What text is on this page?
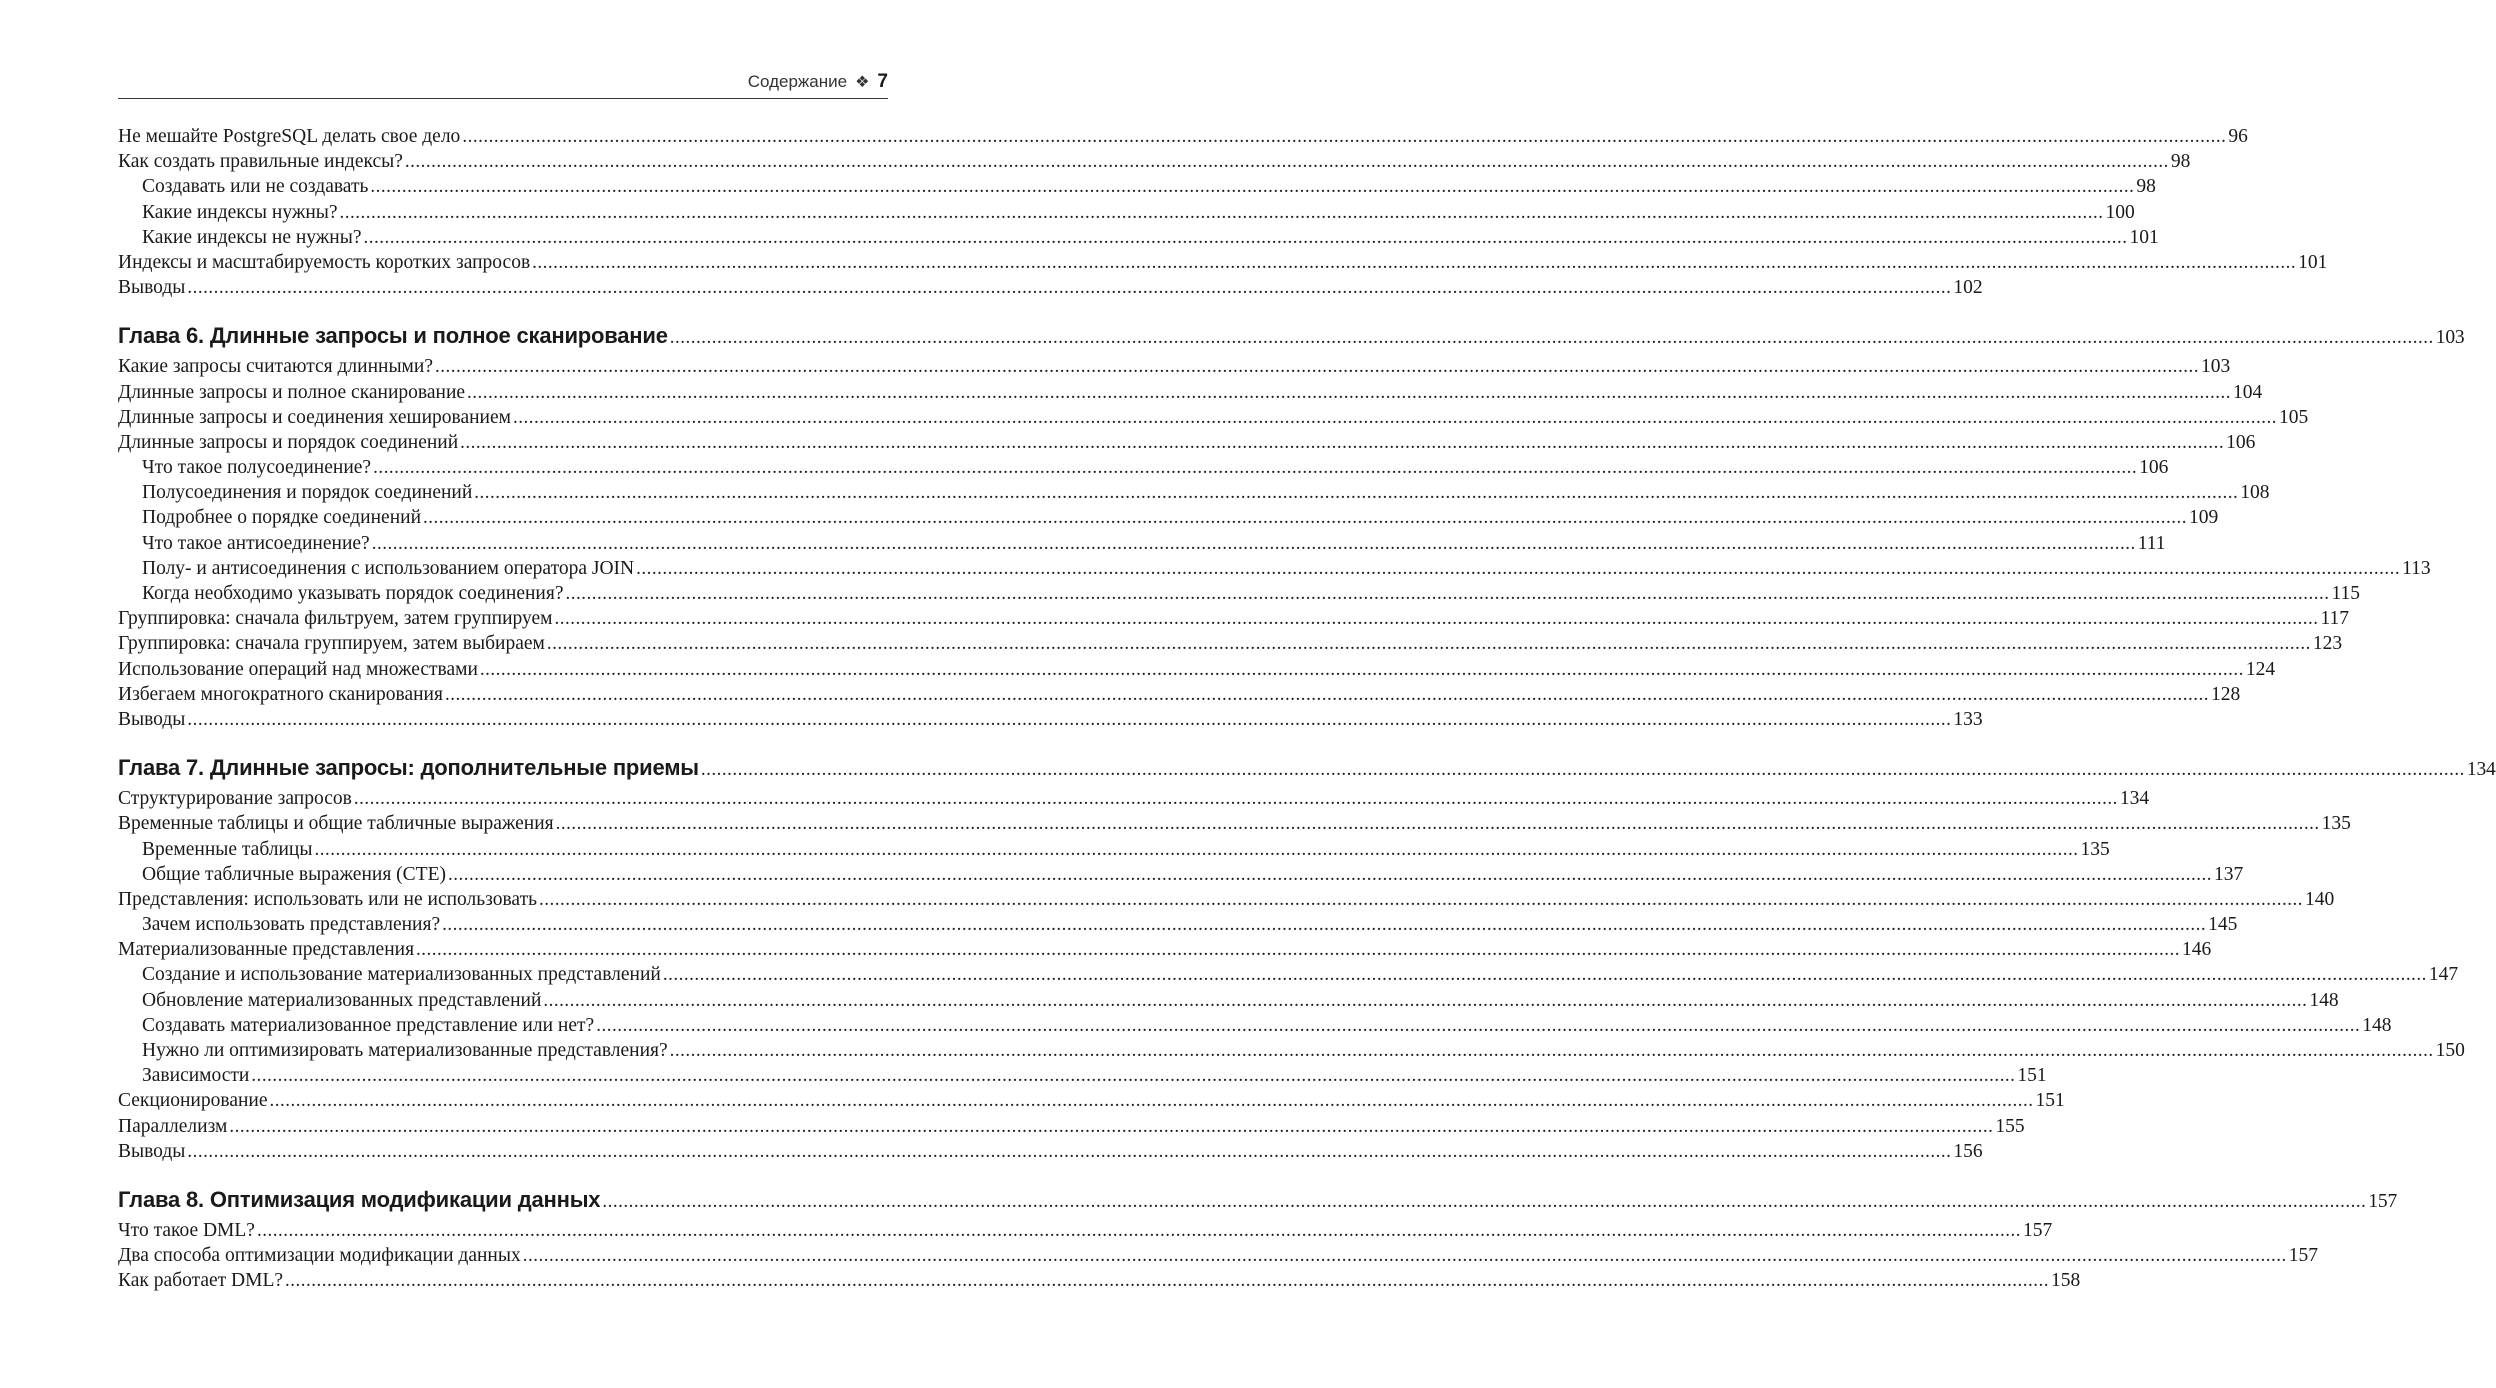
Содержание ❖ 7
Не мешайте PostgreSQL делать свое дело .....	96
Как создать правильные индексы? .....	98
Создавать или не создавать .....	98
Какие индексы нужны? .....	100
Какие индексы не нужны? .....	101
Индексы и масштабируемость коротких запросов .....	101
Выводы .....	102
Глава 6. Длинные запросы и полное сканирование .....	103
Какие запросы считаются длинными? .....	103
Длинные запросы и полное сканирование .....	104
Длинные запросы и соединения хешированием .....	105
Длинные запросы и порядок соединений .....	106
Что такое полусоединение? .....	106
Полусоединения и порядок соединений .....	108
Подробнее о порядке соединений .....	109
Что такое антисоединение? .....	111
Полу- и антисоединения с использованием оператора JOIN .....	113
Когда необходимо указывать порядок соединения? .....	115
Группировка: сначала фильтруем, затем группируем .....	117
Группировка: сначала группируем, затем выбираем .....	123
Использование операций над множествами .....	124
Избегаем многократного сканирования .....	128
Выводы .....	133
Глава 7. Длинные запросы: дополнительные приемы .....	134
Структурирование запросов .....	134
Временные таблицы и общие табличные выражения .....	135
Временные таблицы .....	135
Общие табличные выражения (CTE) .....	137
Представления: использовать или не использовать .....	140
Зачем использовать представления? .....	145
Материализованные представления .....	146
Создание и использование материализованных представлений .....	147
Обновление материализованных представлений .....	148
Создавать материализованное представление или нет? .....	148
Нужно ли оптимизировать материализованные представления? .....	150
Зависимости .....	151
Секционирование .....	151
Параллелизм .....	155
Выводы .....	156
Глава 8. Оптимизация модификации данных .....	157
Что такое DML? .....	157
Два способа оптимизации модификации данных .....	157
Как работает DML? .....	158
